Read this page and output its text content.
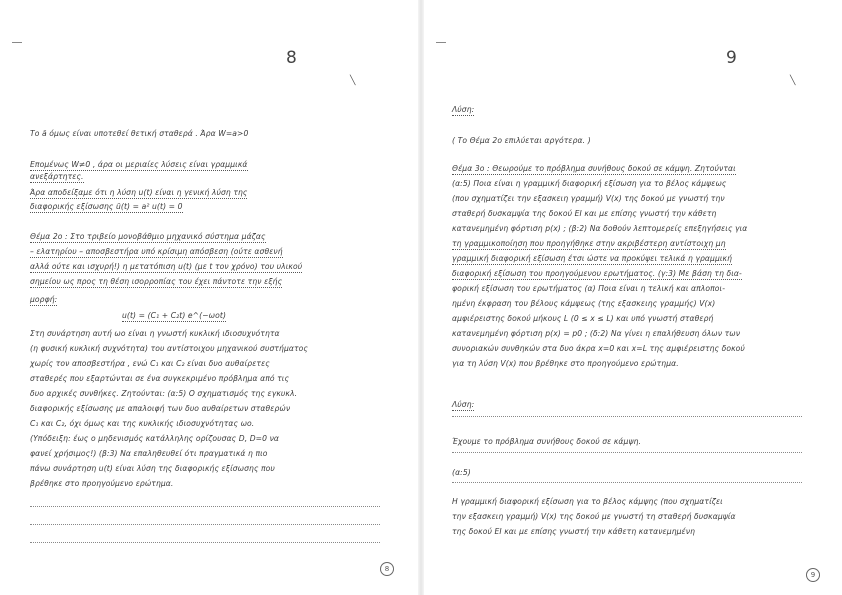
8
╲
Το ä όμως είναι υποτεθεί θετική σταθερά . Άρα W=a>0
Επομένως W≠0 , άρα οι μεριαίες λύσεις είναι γραμμικά
ανεξάρτητες.
Άρα αποδείξαμε ότι η λύση u(t) είναι η γενική λύση της
διαφορικής εξίσωσης ü(t) = a² u(t) = 0
Θέμα 2ο : Στο τριβείο μονοβάθμιο μηχανικό σύστημα μάζας
– ελατηρίου – αποσβεστήρα υπό κρίσιμη απόσβεση (ούτε ασθενή
αλλά ούτε και ισχυρή!) η μετατόπιση u(t) (με t τον χρόνο) του υλικού
σημείου ως προς τη θέση ισορροπίας του έχει πάντοτε την εξής
μορφή:
u(t) = (C₁ + C₂t) e^(−ωot)
Στη συνάρτηση αυτή ωο είναι η γνωστή κυκλική ιδιοσυχνότητα
(η φυσική κυκλική συχνότητα) του αντίστοιχου μηχανικού συστήματος
χωρίς τον αποσβεστήρα , ενώ C₁ και C₂ είναι δυο αυθαίρετες
σταθερές που εξαρτώνται σε ένα συγκεκριμένο πρόβλημα από τις
δυο αρχικές συνθήκες. Ζητούνται: (α:5) Ο σχηματισμός της εγκυκλ.
διαφορικής εξίσωσης με απαλοιφή των δυο αυθαίρετων σταθερών
C₁ και C₂, όχι όμως και της κυκλικής ιδιοσυχνότητας ωο.
(Υπόδειξη: έως ο μηδενισμός κατάλληλης ορίζουσας D, D=0 να
φανεί χρήσιμος!) (β:3) Να επαληθευθεί ότι πραγματικά η πιο
πάνω συνάρτηση u(t) είναι λύση της διαφορικής εξίσωσης που
βρέθηκε στο προηγούμενο ερώτημα.
8
9
╲
Λύση:
( Το Θέμα 2ο επιλύεται αργότερα. )
Θέμα 3ο : Θεωρούμε το πρόβλημα συνήθους δοκού σε κάμψη. Ζητούνται
(α:5) Ποια είναι η γραμμική διαφορική εξίσωση για το βέλος κάμψεως
(που σχηματίζει την εξασκειη γραμμή) V(x) της δοκού με γνωστή την
σταθερή δυσκαμψία της δοκού ΕΙ και με επίσης γνωστή την κάθετη
κατανεμημένη φόρτιση p(x) ; (β:2) Να δοθούν λεπτομερείς επεξηγήσεις για
τη γραμμικοποίηση που προηγήθηκε στην ακριβέστερη αντίστοιχη μη
γραμμική διαφορική εξίσωση έτσι ώστε να προκύψει τελικά η γραμμική
διαφορική εξίσωση του προηγούμενου ερωτήματος. (γ:3) Με βάση τη δια-
φορική εξίσωση του ερωτήματος (α) Ποια είναι η τελική και απλοποι-
ημένη έκφραση του βέλους κάμψεως (της εξασκειης γραμμής) V(x)
αμφιέρειστης δοκού μήκους L (0 ≤ x ≤ L) και υπό γνωστή σταθερή
κατανεμημένη φόρτιση p(x) = p0 ; (δ:2) Να γίνει η επαλήθευση όλων των
συνοριακών συνθηκών στα δυο άκρα x=0 και x=L της αμφιέρειστης δοκού
για τη λύση V(x) που βρέθηκε στο προηγούμενο ερώτημα.
Λύση:
Έχουμε το πρόβλημα συνήθους δοκού σε κάμψη.
(α:5)
Η γραμμική διαφορική εξίσωση για το βέλος κάμψης (που σχηματίζει
την εξασκειη γραμμή) V(x) της δοκού με γνωστή τη σταθερή δυσκαμψία
της δοκού ΕΙ και με επίσης γνωστή την κάθετη κατανεμημένη
9
